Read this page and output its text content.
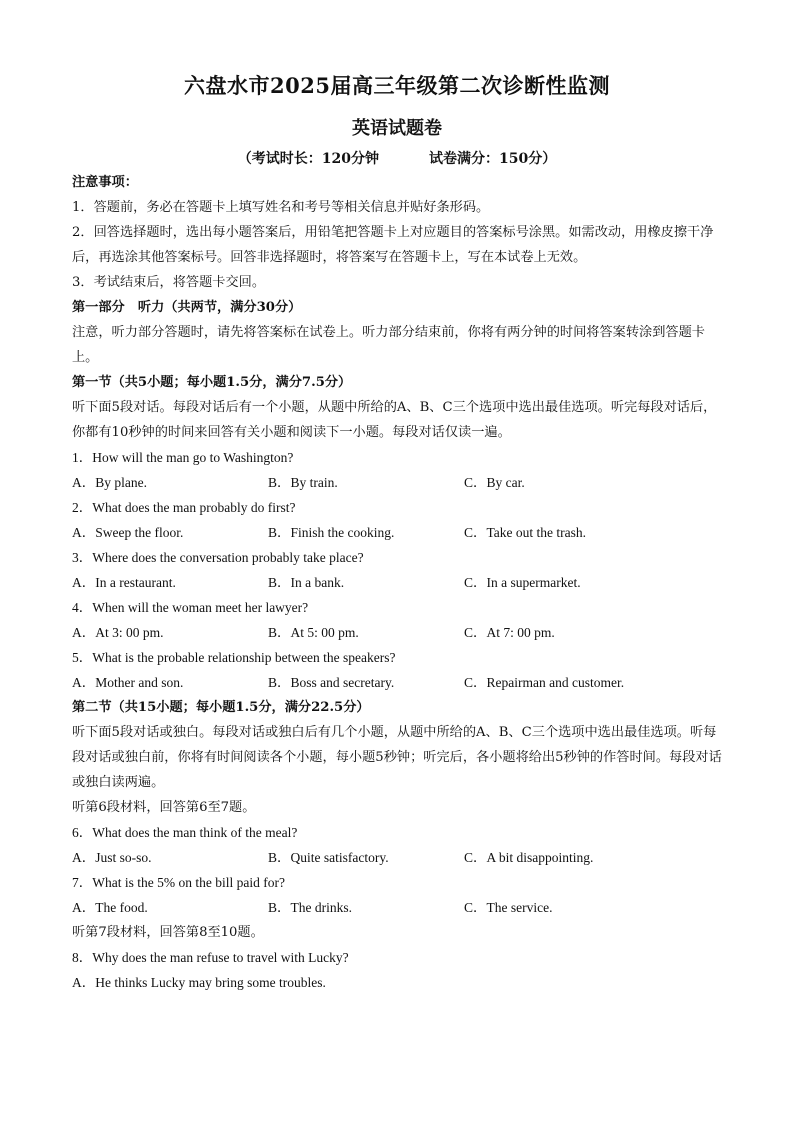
六盘水市2025届高三年级第二次诊断性监测
英语试题卷
（考试时长：120分钟	试卷满分：150分）
注意事项：
1．答题前，务必在答题卡上填写姓名和考号等相关信息并贴好条形码。
2．回答选择题时，选出每小题答案后，用铅笔把答题卡上对应题目的答案标号涂黑。如需改动，用橡皮擦干净后，再选涂其他答案标号。回答非选择题时，将答案写在答题卡上，写在本试卷上无效。
3．考试结束后，将答题卡交回。
第一部分　听力（共两节，满分30分）
注意，听力部分答题时，请先将答案标在试卷上。听力部分结束前，你将有两分钟的时间将答案转涂到答题卡上。
第一节（共5小题；每小题1.5分，满分7.5分）
听下面5段对话。每段对话后有一个小题，从题中所给的A、B、C三个选项中选出最佳选项。听完每段对话后，你都有10秒钟的时间来回答有关小题和阅读下一小题。每段对话仅读一遍。
1．How will the man go to Washington?
A．By plane.	B．By train.	C．By car.
2．What does the man probably do first?
A．Sweep the floor.	B．Finish the cooking.	C．Take out the trash.
3．Where does the conversation probably take place?
A．In a restaurant.	B．In a bank.	C．In a supermarket.
4．When will the woman meet her lawyer?
A．At 3: 00 pm.	B．At 5: 00 pm.	C．At 7: 00 pm.
5．What is the probable relationship between the speakers?
A．Mother and son.	B．Boss and secretary.	C．Repairman and customer.
第二节（共15小题；每小题1.5分，满分22.5分）
听下面5段对话或独白。每段对话或独白后有几个小题，从题中所给的A、B、C三个选项中选出最佳选项。听每段对话或独白前，你将有时间阅读各个小题，每小题5秒钟；听完后，各小题将给出5秒钟的作答时间。每段对话或独白读两遍。
听第6段材料，回答第6至7题。
6．What does the man think of the meal?
A．Just so-so.	B．Quite satisfactory.	C．A bit disappointing.
7．What is the 5% on the bill paid for?
A．The food.	B．The drinks.	C．The service.
听第7段材料，回答第8至10题。
8．Why does the man refuse to travel with Lucky?
A．He thinks Lucky may bring some troubles.
